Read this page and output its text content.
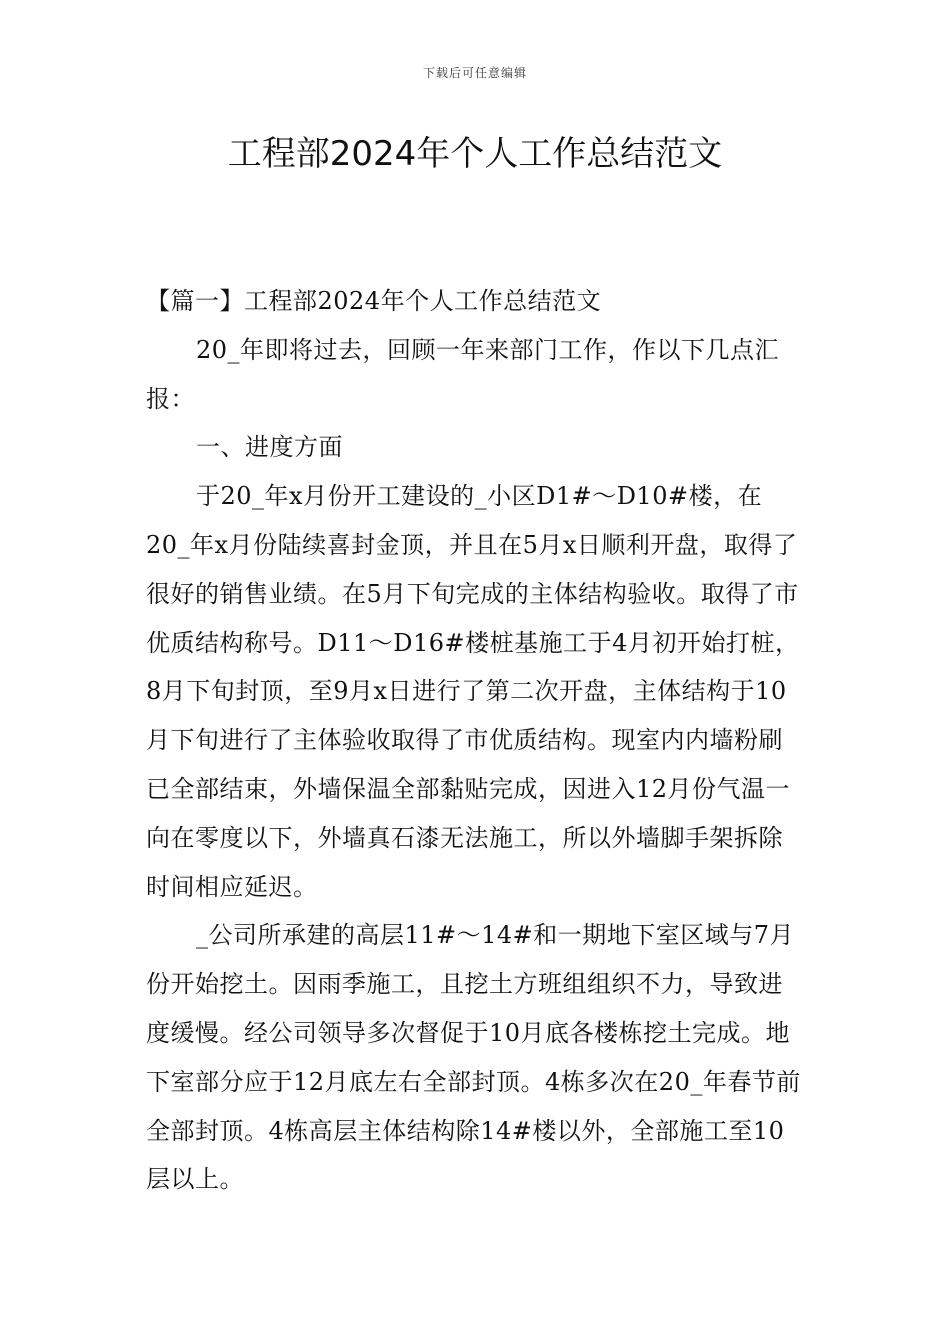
下载后可任意编辑
工程部2024年个人工作总结范文

【篇一】工程部2024年个人工作总结范文

20_年即将过去，回顾一年来部门工作，作以下几点汇报：

一、进度方面

于20_年x月份开工建设的_小区D1#～D10#楼，在20_年x月份陆续喜封金顶，并且在5月x日顺利开盘，取得了很好的销售业绩。在5月下旬完成的主体结构验收。取得了市优质结构称号。D11～D16#楼桩基施工于4月初开始打桩，8月下旬封顶，至9月x日进行了第二次开盘，主体结构于10月下旬进行了主体验收取得了市优质结构。现室内内墙粉刷已全部结束，外墙保温全部黏贴完成，因进入12月份气温一向在零度以下，外墙真石漆无法施工，所以外墙脚手架拆除时间相应延迟。

_公司所承建的高层11#～14#和一期地下室区域与7月份开始挖土。因雨季施工，且挖土方班组组织不力，导致进度缓慢。经公司领导多次督促于10月底各楼栋挖土完成。地下室部分应于12月底左右全部封顶。4栋多次在20_年春节前全部封顶。4栋高层主体结构除14#楼以外，全部施工至10层以上。
